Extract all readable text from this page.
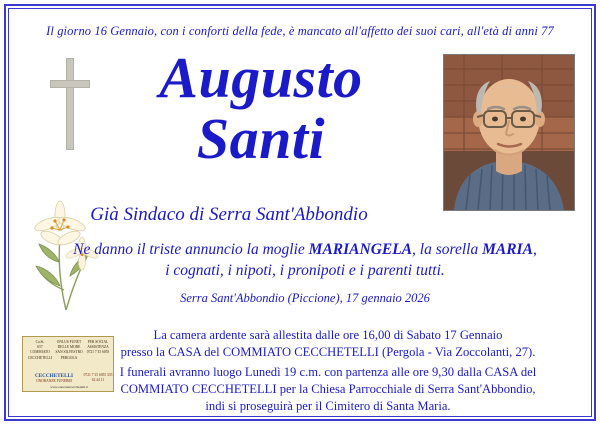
Il giorno 16 Gennaio, con i conforti della fede, è mancato all'affetto dei suoi cari, all'età di anni 77
Augusto
Santi
Già Sindaco di Serra Sant'Abbondio
Ne danno il triste annuncio la moglie MARIANGELA, la sorella MARIA,
i cognati, i nipoti, i pronipoti e i parenti tutti.
Serra Sant'Abbondio (Piccione), 17 gennaio 2026
La camera ardente sarà allestita dalle ore 16,00 di Sabato 17 Gennaio
presso la CASA del COMMIATO CECCHETELLI (Pergola - Via Zoccolanti, 27).
I funerali avranno luogo Lunedì 19 c.m. con partenza alle ore 9,30 dalla CASA del
COMMIATO CECCHETELLI per la Chiesa Parrocchiale di Serra Sant'Abbondio,
indi si proseguirà per il Cimitero di Santa Maria.
Ca.St.
657
COMMIATO
CECCHETELLI
ONLUS FUNET
DELLE MORE
SAN SILVESTRO
PERGOLA
PER SOCIAL
ASSISTENZA
0721 7 35 6055
CECCHETELLI
ONORANZE FUNEBRI
0721 7 35 6055 335 62 44 11
www.onoranzececchetelli.it
